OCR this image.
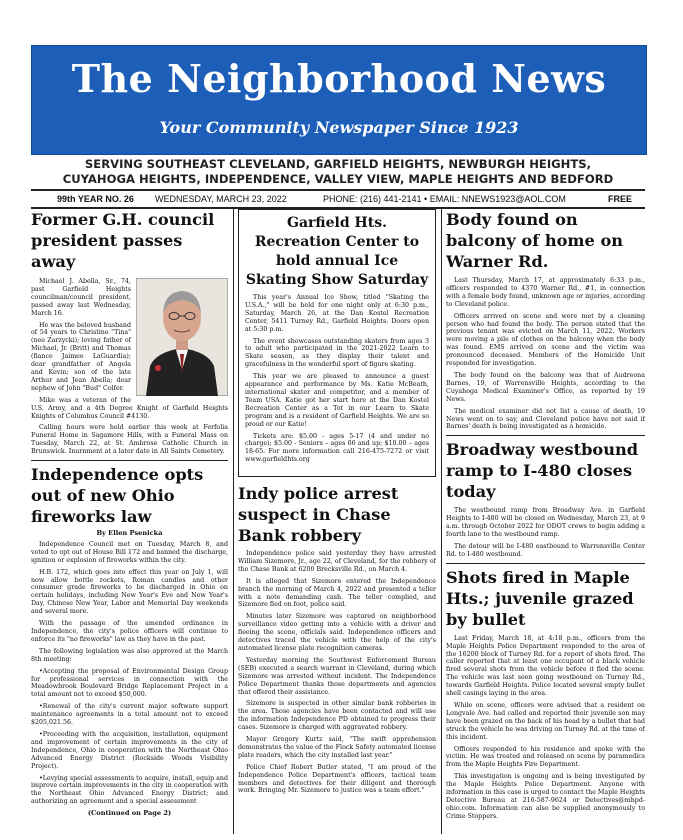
The Neighborhood News
Your Community Newspaper Since 1923
SERVING SOUTHEAST CLEVELAND, GARFIELD HEIGHTS, NEWBURGH HEIGHTS,
CUYAHOGA HEIGHTS, INDEPENDENCE, VALLEY VIEW, MAPLE HEIGHTS AND BEDFORD
99th YEAR NO. 26 WEDNESDAY, MARCH 23, 2022	PHONE: (216) 441-2141 • EMAIL: NNEWS1923@AOL.COM	FREE
Former G.H. council president passes away

Michael J. Abella, Sr., 74, past Garfield Heights councilman/council president, passed away last Wednesday, March 16.

He was the beloved husband of 54 years to Christine "Tina" (nee Zarzycki); loving father of Michael, Jr. (Britt) and Thomas (fiance Jaimee LaGuardia); dear grandfather of Angela and Kevin; son of the late Arthur and Jean Abella; dear nephew of John "Bud" Colfer.

Mike was a veteran of the U.S. Army, and a 4th Degree Knight of Garfield Heights Knights of Columbus Council #4130.

Calling hours were held earlier this week at Ferfolia Funeral Home in Sagamore Hills, with a Funeral Mass on Tuesday, March 22, at St. Ambrose Catholic Church in Brunswick. Inurnment at a later date in All Saints Cemetery.

Independence opts out of new Ohio fireworks law

By Ellen Psenicka

Independence Council met on Tuesday, March 8, and voted to opt out of House Bill 172 and banned the discharge, ignition or explosion of fireworks within the city.

H.B. 172, which goes into effect this year on July 1, will now allow bottle rockets, Roman candles and other consumer grade fireworks to be discharged in Ohio on certain holidays, including New Year's Eve and New Year's Day, Chinese New Year, Labor and Memorial Day weekends and several more.

With the passage of the amended ordinance in Independence, the city's police officers will continue to enforce its "no fireworks" law as they have in the past.

The following legislation was also approved at the March 8th meeting:

•Accepting the proposal of Environmental Design Group for professional services in connection with the Meadowbrook Boulevard Bridge Replacement Project in a total amount not to exceed $50,000.

•Renewal of the city's current major software support maintenance agreements in a total amount not to exceed $205,021.56.

•Proceeding with the acquisition, installation, equipment and improvement of certain improvements in the city of Independence, Ohio in cooperation with the Northeast Ohio Advanced Energy District (Rockside Woods Visibility Project).

•Levying special assessments to acquire, install, equip and improve certain improvements in the city in cooperation with the Northeast Ohio Advanced Energy District; and authorizing an agreement and a special assessment

(Continued on Page 2)

Garfield Hts. Recreation Center to hold annual Ice Skating Show Saturday

This year's Annual Ice Show, titled "Skating the U.S.A.," will be held for one night only at 6:30 p.m., Saturday, March 26, at the Dan Kostel Recreation Center, 5411 Turney Rd., Garfield Heights. Doors open at 5:30 p.m.

The event showcases outstanding skaters from ages 3 to adult who participated in the 2021-2022 Learn to Skate season, as they display their talent and gracefulness in the wonderful sport of figure skating.

This year we are pleased to announce a guest appearance and performance by Ms. Katie McBeath, international skater and competitor, and a member of Team USA. Katie got her start here at the Dan Kostel Recreation Center as a Tot in our Learn to Skate program and is a resident of Garfield Heights. We are so proud or our Katie!

Tickets are: $5.00 - ages 5-17 (4 and under no charge); $5.00 - Seniors – ages 66 and up; $10.00 – ages 18-65. For more information call 216-475-7272 or visit www.garfieldhts.org

Indy police arrest suspect in Chase Bank robbery

Independence police said yesterday they have arrested William Sizemore, Jr., age 22, of Cleveland, for the robbery of the Chase Bank at 6200 Brecksville Rd., on March 4.

It is alleged that Sizemore entered the Independence branch the morning of March 4, 2022 and presented a teller with a note demanding cash. The teller complied, and Sizemore fled on foot, police said.

Minutes later Sizemore was captured on neighborhood surveillance video getting into a vehicle with a driver and fleeing the scene, officials said. Independence officers and detectives traced the vehicle with the help of the city's automated license plate recognition cameras.

Yesterday morning the Southwest Enforcement Bureau (SEB) executed a search warrant in Cleveland, during which Sizemore was arrested without incident. The Independence Police Department thanks those departments and agencies that offered their assistance.

Sizemore is suspected in other similar bank robberies in the area. Those agencies have been contacted and will use the information Independence PD obtained to progress their cases. Sizemore is charged with aggravated robbery.

Mayor Gregory Kurtz said, "The swift apprehension demonstrates the value of the Flock Safety automated license plate readers, which the city installed last year."

Police Chief Robert Butler stated, "I am proud of the Independence Police Department's officers, tactical team members and detectives for their diligent and thorough work. Bringing Mr. Sizemore to justice was a team effort."

Body found on balcony of home on Warner Rd.

Last Thursday, March 17, at approximately 6:33 p.m., officers responded to 4370 Warner Rd., #1, in connection with a female body found, unknown age or injuries, according to Cleveland police.

Officers arrived on scene and were met by a cleaning person who had found the body. The person stated that the previous tenant was evicted on March 11, 2022. Workers were moving a pile of clothes on the balcony when the body was found. EMS arrived on scene and the victim was pronounced deceased. Members of the Homicide Unit responded for investigation.

The body found on the balcony was that of Audreona Barnes, 19, of Warrensville Heights, according to the Cuyahoga Medical Examiner's Office, as reported by 19 News.

The medical examiner did not list a cause of death, 19 News went on to say, and Cleveland police have not said if Barnes' death is being investigated as a homicide.

Broadway westbound ramp to I-480 closes today

The westbound ramp from Broadway Ave. in Garfield Heights to I-480 will be closed on Wednesday, March 23, at 9 a.m. through October 2022 for ODOT crews to begin adding a fourth lane to the westbound ramp.

The detour will be I-480 eastbound to Warrensville Center Rd. to I-480 westbound.

Shots fired in Maple Hts.; juvenile grazed by bullet

Last Friday, March 18, at 4:18 p.m., officers from the Maple Heights Police Department responded to the area of the 16200 block of Turney Rd. for a report of shots fired. The caller reported that at least one occupant of a black vehicle fired several shots from the vehicle before it fled the scene. The vehicle was last seen going westbound on Turney Rd., towards Garfield Heights. Police located several empty bullet shell casings laying in the area.

While on scene, officers were advised that a resident on Longvale Ave. had called and reported their juvenile son may have been grazed on the back of his head by a bullet that had struck the vehicle he was driving on Turney Rd. at the time of this incident.

Officers responded to his residence and spoke with the victim. He was treated and released on scene by paramedics from the Maple Heights Fire Department.

This investigation is ongoing and is being investigated by the Maple Heights Police Department. Anyone with information in this case is urged to contact the Maple Heights Detective Bureau at 216-587-9624 or Detectives@mhpd-ohio.com. Information can also be supplied anonymously to Crime Stoppers.
